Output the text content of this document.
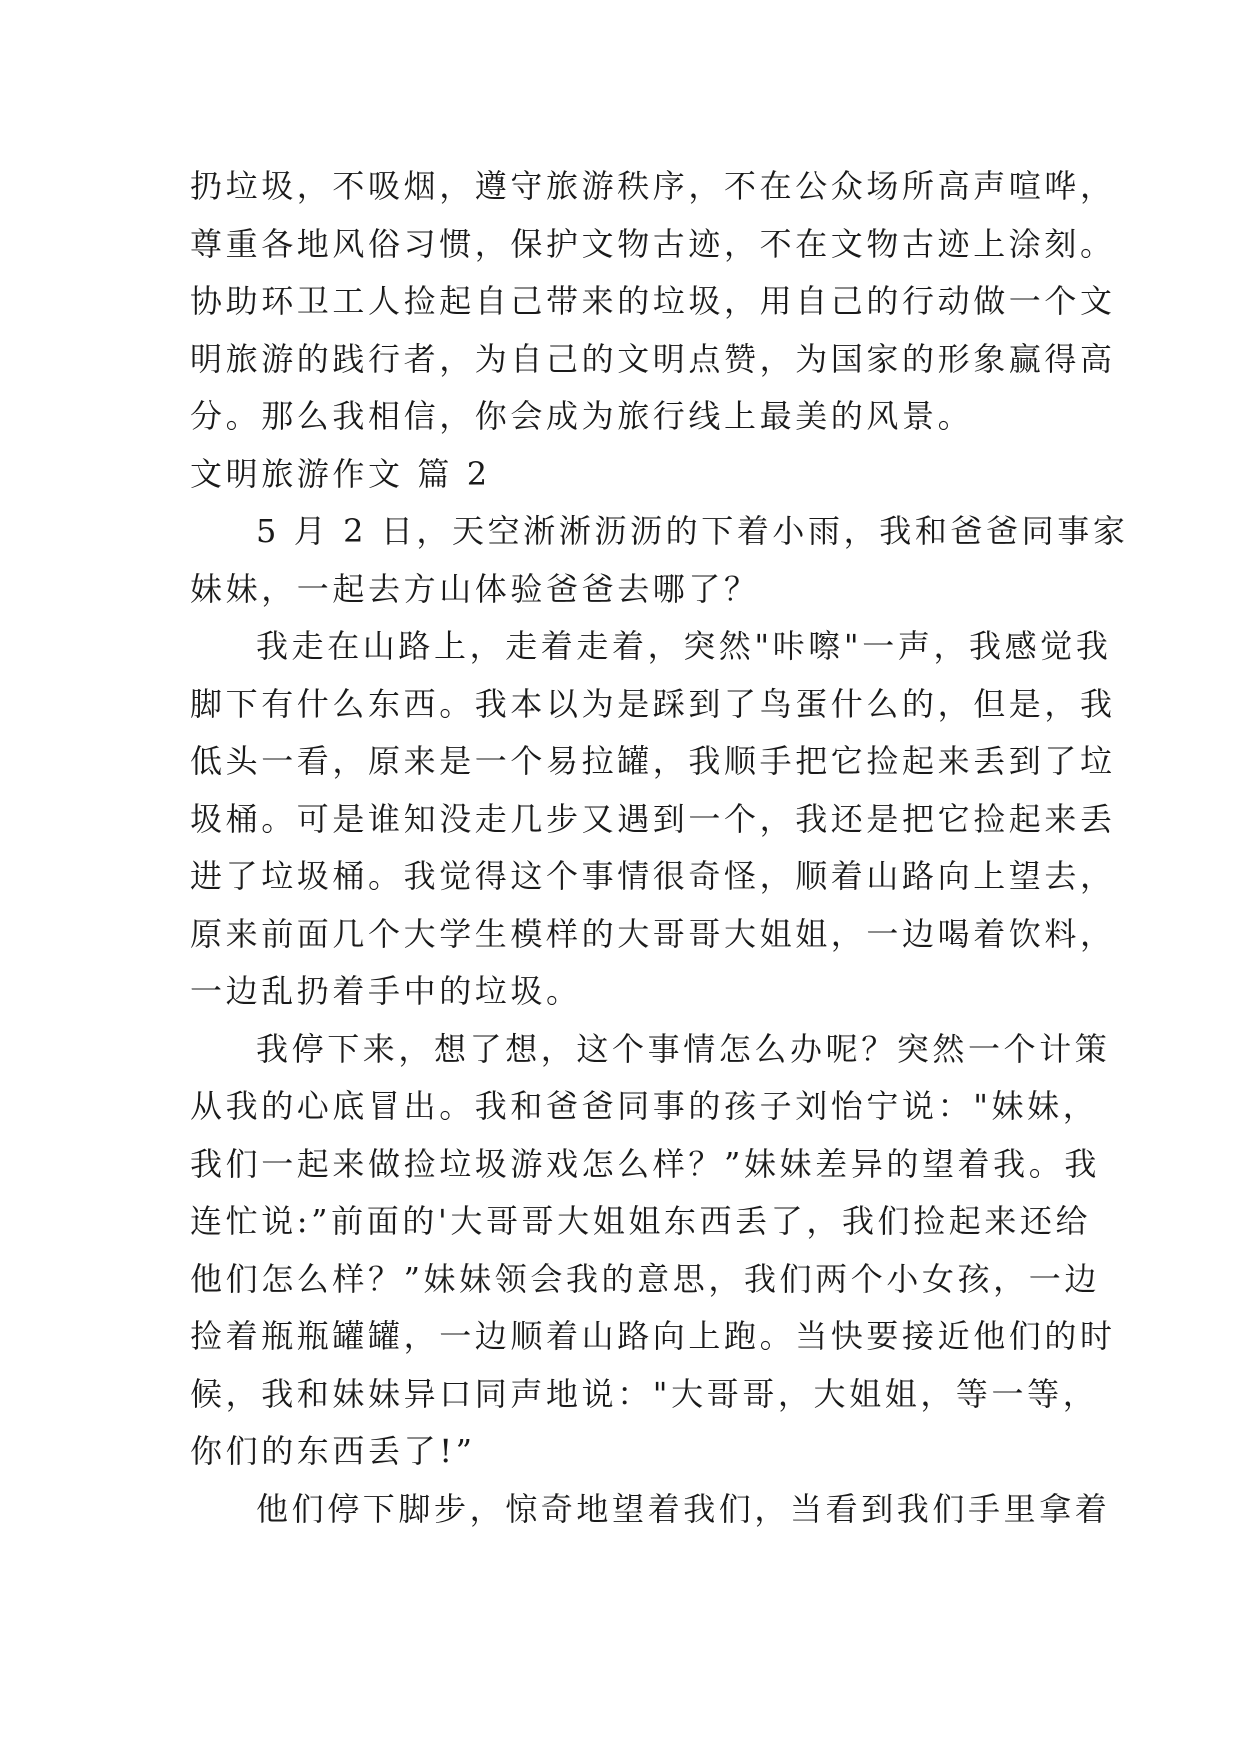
扔垃圾，不吸烟，遵守旅游秩序，不在公众场所高声喧哗，
尊重各地风俗习惯，保护文物古迹，不在文物古迹上涂刻。
协助环卫工人捡起自己带来的垃圾，用自己的行动做一个文
明旅游的践行者，为自己的文明点赞，为国家的形象赢得高
分。那么我相信，你会成为旅行线上最美的风景。
文明旅游作文 篇 2
5 月 2 日，天空淅淅沥沥的下着小雨，我和爸爸同事家
妹妹，一起去方山体验爸爸去哪了？
我走在山路上，走着走着，突然"咔嚓"一声，我感觉我
脚下有什么东西。我本以为是踩到了鸟蛋什么的，但是，我
低头一看，原来是一个易拉罐，我顺手把它捡起来丢到了垃
圾桶。可是谁知没走几步又遇到一个，我还是把它捡起来丢
进了垃圾桶。我觉得这个事情很奇怪，顺着山路向上望去，
原来前面几个大学生模样的大哥哥大姐姐，一边喝着饮料，
一边乱扔着手中的垃圾。
我停下来，想了想，这个事情怎么办呢？突然一个计策
从我的心底冒出。我和爸爸同事的孩子刘怡宁说："妹妹，
我们一起来做捡垃圾游戏怎么样？”妹妹差异的望着我。我
连忙说:”前面的'大哥哥大姐姐东西丢了，我们捡起来还给
他们怎么样？”妹妹领会我的意思，我们两个小女孩，一边
捡着瓶瓶罐罐，一边顺着山路向上跑。当快要接近他们的时
候，我和妹妹异口同声地说："大哥哥，大姐姐，等一等，
你们的东西丢了!”
他们停下脚步，惊奇地望着我们，当看到我们手里拿着
